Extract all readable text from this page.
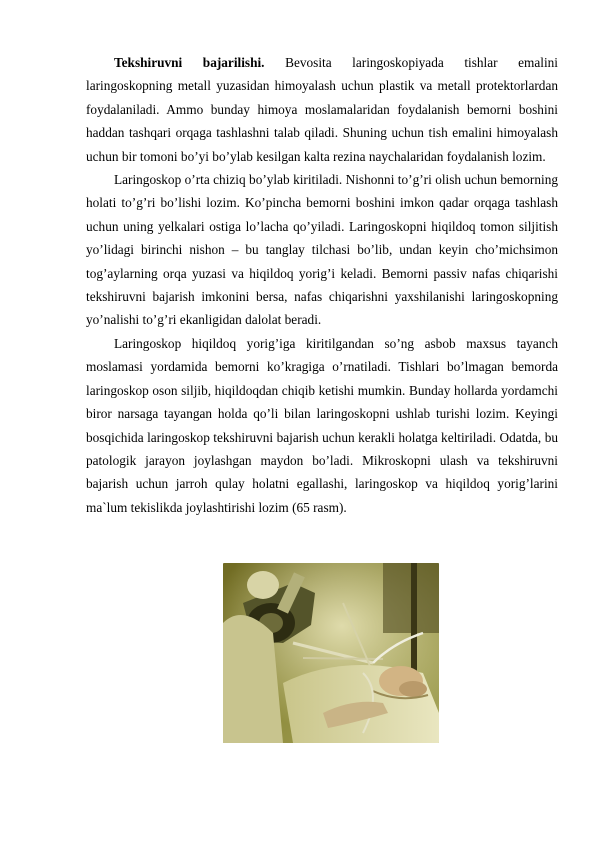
Tekshiruvni bajarilishi. Bevosita laringoskopiyada tishlar emalini laringoskopning metall yuzasidan himoyalash uchun plastik va metall protektorlardan foydalaniladi. Ammo bunday himoya moslamalaridan foydalanish bemorni boshini haddan tashqari orqaga tashlashni talab qiladi. Shuning uchun tish emalini himoyalash uchun bir tomoni bo’yi bo’ylab kesilgan kalta rezina naychalaridan foydalanish lozim.

Laringoskop o’rta chiziq bo’ylab kiritiladi. Nishonni to’g’ri olish uchun bemorning holati to’g’ri bo’lishi lozim. Ko’pincha bemorni boshini imkon qadar orqaga tashlash uchun uning yelkalari ostiga lo’lacha qo’yiladi. Laringoskopni hiqildoq tomon siljitish yo’lidagi birinchi nishon – bu tanglay tilchasi bo’lib, undan keyin cho’michsimon tog’aylarning orqa yuzasi va hiqildoq yorig’i keladi. Bemorni passiv nafas chiqarishi tekshiruvni bajarish imkonini bersa, nafas chiqarishni yaxshilanishi laringoskopning yo’nalishi to’g’ri ekanligidan dalolat beradi.

Laringoskop hiqildoq yorig’iga kiritilgandan so’ng asbob maxsus tayanch moslamasi yordamida bemorni ko’kragiga o’rnatiladi. Tishlari bo’lmagan bemorda laringoskop oson siljib, hiqildoqdan chiqib ketishi mumkin. Bunday hollarda yordamchi biror narsaga tayangan holda qo’li bilan laringoskopni ushlab turishi lozim. Keyingi bosqichida laringoskop tekshiruvni bajarish uchun kerakli holatga keltiriladi. Odatda, bu patologik jarayon joylashgan maydon bo’ladi. Mikroskopni ulash va tekshiruvni bajarish uchun jarroh qulay holatni egallashi, laringoskop va hiqildoq yorig’larini ma`lum tekislikda joylashtirishi lozim (65 rasm).
